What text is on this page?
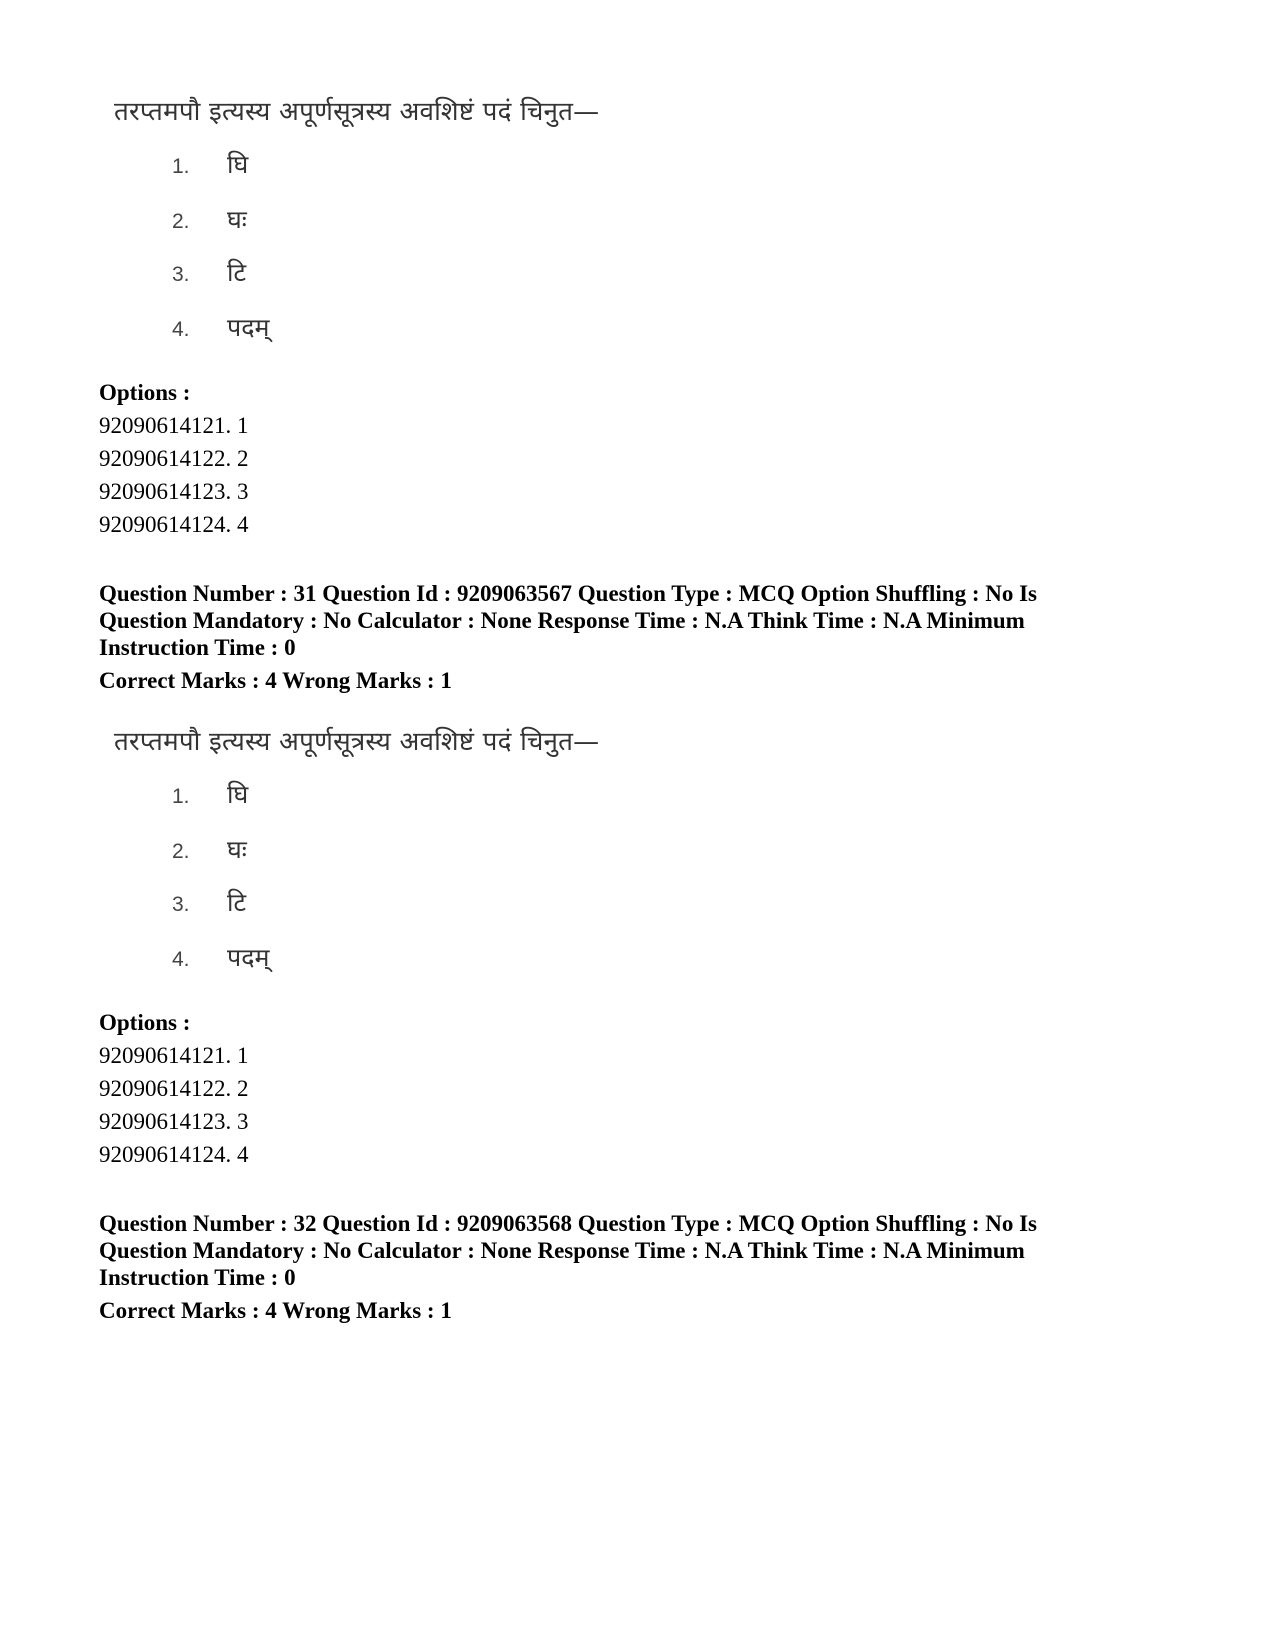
तरप्तमपौ इत्यस्य अपूर्णसूत्रस्य अवशिष्टं पदं चिनुत—
1. घि
2. घः
3. टि
4. पदम्
Options :
92090614121. 1
92090614122. 2
92090614123. 3
92090614124. 4
Question Number : 31 Question Id : 9209063567 Question Type : MCQ Option Shuffling : No Is
Question Mandatory : No Calculator : None Response Time : N.A Think Time : N.A Minimum
Instruction Time : 0
Correct Marks : 4 Wrong Marks : 1
तरप्तमपौ इत्यस्य अपूर्णसूत्रस्य अवशिष्टं पदं चिनुत—
1. घि
2. घः
3. टि
4. पदम्
Options :
92090614121. 1
92090614122. 2
92090614123. 3
92090614124. 4
Question Number : 32 Question Id : 9209063568 Question Type : MCQ Option Shuffling : No Is
Question Mandatory : No Calculator : None Response Time : N.A Think Time : N.A Minimum
Instruction Time : 0
Correct Marks : 4 Wrong Marks : 1
